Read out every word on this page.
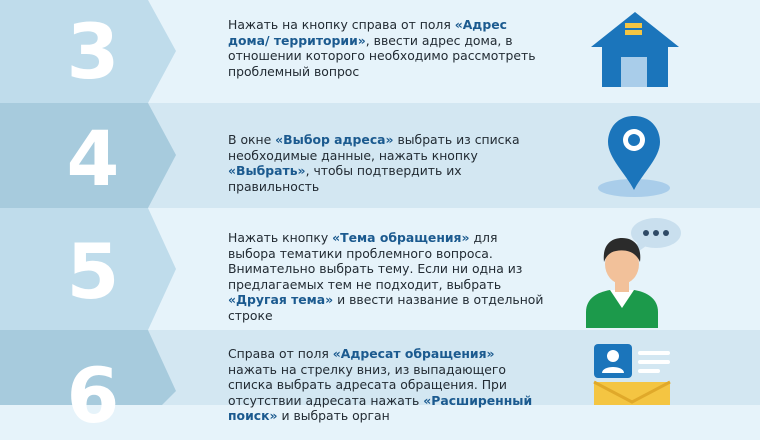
3	Нажать на кнопку справа от поля «Адрес дома/ территории», ввести адрес дома, в отношении которого необходимо рассмотреть проблемный вопрос
4	В окне «Выбор адреса» выбрать из списка необходимые данные, нажать кнопку «Выбрать», чтобы подтвердить их правильность
5	Нажать кнопку «Тема обращения» для выбора тематики проблемного вопроса. Внимательно выбрать тему. Если ни одна из предлагаемых тем не подходит, выбрать «Другая тема» и ввести название в отдельной строке
6	Справа от поля «Адресат обращения» нажать на стрелку вниз, из выпадающего списка выбрать адресата обращения. При отсутствии адресата нажать «Расширенный поиск» и выбрать орган
